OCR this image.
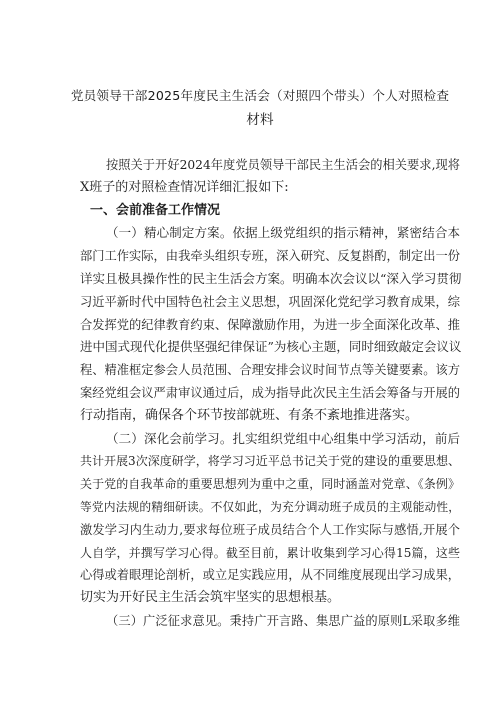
党员领导干部2025年度民主生活会（对照四个带头）个人对照检查
材料
按照关于开好2024年度党员领导干部民主生活会的相关要求,现将
X班子的对照检查情况详细汇报如下:
一、会前准备工作情况
（一）精心制定方案。依据上级党组织的指示精神，紧密结合本
部门工作实际，由我牵头组织专班，深入研究、反复斟酌，制定出一份
详实且极具操作性的民主生活会方案。明确本次会议以“深入学习贯彻
习近平新时代中国特色社会主义思想，巩固深化党纪学习教育成果，综
合发挥党的纪律教育约束、保障激励作用，为进一步全面深化改革、推
进中国式现代化提供坚强纪律保证”为核心主题，同时细致敲定会议议
程、精准框定参会人员范围、合理安排会议时间节点等关键要素。该方
案经党组会议严肃审议通过后，成为指导此次民主生活会筹备与开展的
行动指南，确保各个环节按部就班、有条不紊地推进落实。
（二）深化会前学习。扎实组织党组中心组集中学习活动，前后
共计开展3次深度研学，将学习习近平总书记关于党的建设的重要思想、
关于党的自我革命的重要思想列为重中之重，同时涵盖对党章、《条例》
等党内法规的精细研读。不仅如此，为充分调动班子成员的主观能动性，
激发学习内生动力,要求每位班子成员结合个人工作实际与感悟,开展个
人自学，并撰写学习心得。截至目前，累计收集到学习心得15篇，这些
心得或着眼理论剖析，或立足实践应用，从不同维度展现出学习成果，
切实为开好民主生活会筑牢坚实的思想根基。
（三）广泛征求意见。秉持广开言路、集思广益的原则L采取多维
